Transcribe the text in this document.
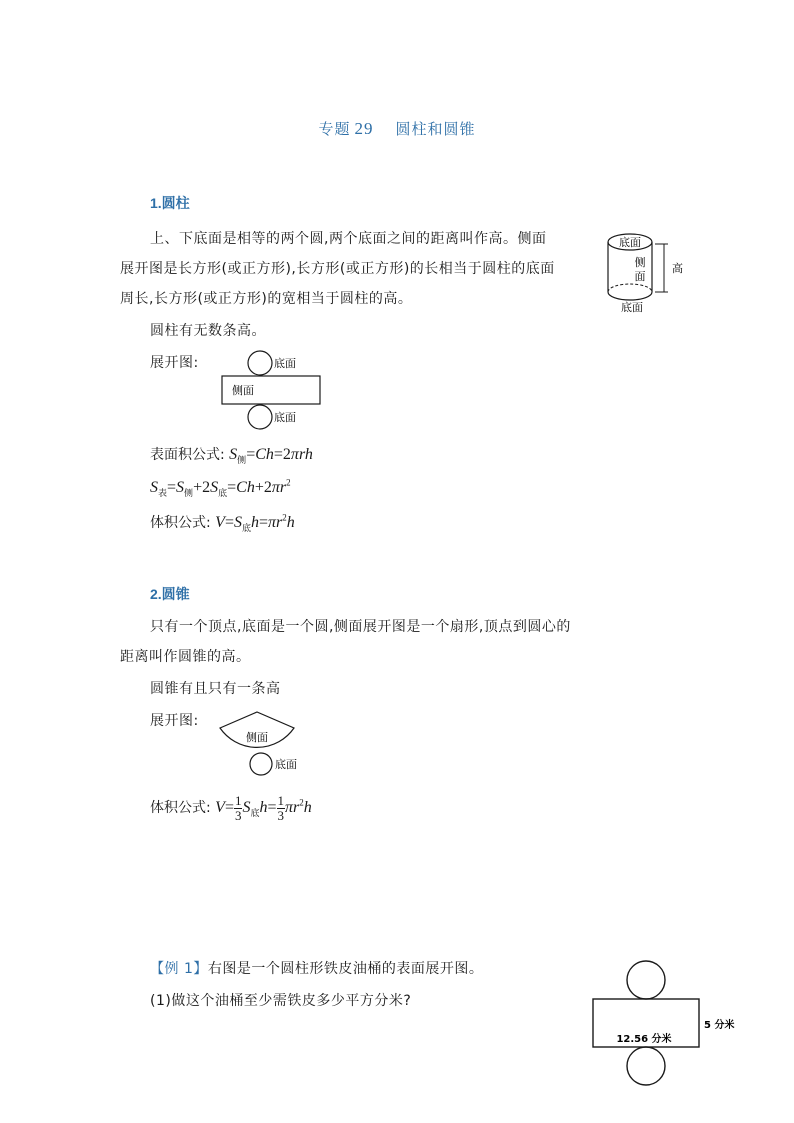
专题 29 圆柱和圆锥
1.圆柱
上、下底面是相等的两个圆,两个底面之间的距离叫作高。侧面
展开图是长方形(或正方形),长方形(或正方形)的长相当于圆柱的底面
周长,长方形(或正方形)的宽相当于圆柱的高。
圆柱有无数条高。
底面
侧
面
高
底面
展开图:	底面
侧面
底面
表面积公式: $S_侧=Ch=2\pi rh$
$S_表=S_侧+2S_底=Ch+2\pi r^2$
体积公式: $V=S_底h=\pi r^2h$
2.圆锥
只有一个顶点,底面是一个圆,侧面展开图是一个扇形,顶点到圆心的
距离叫作圆锥的高。
圆锥有且只有一条高
展开图:
侧面
底面
体积公式: $V= \frac{1}{3} S_底h= \frac{1}{3} \pi r^2h$
【例 1】右图是一个圆柱形铁皮油桶的表面展开图。
(1)做这个油桶至少需铁皮多少平方分米?
12.56 分米
5 分米
